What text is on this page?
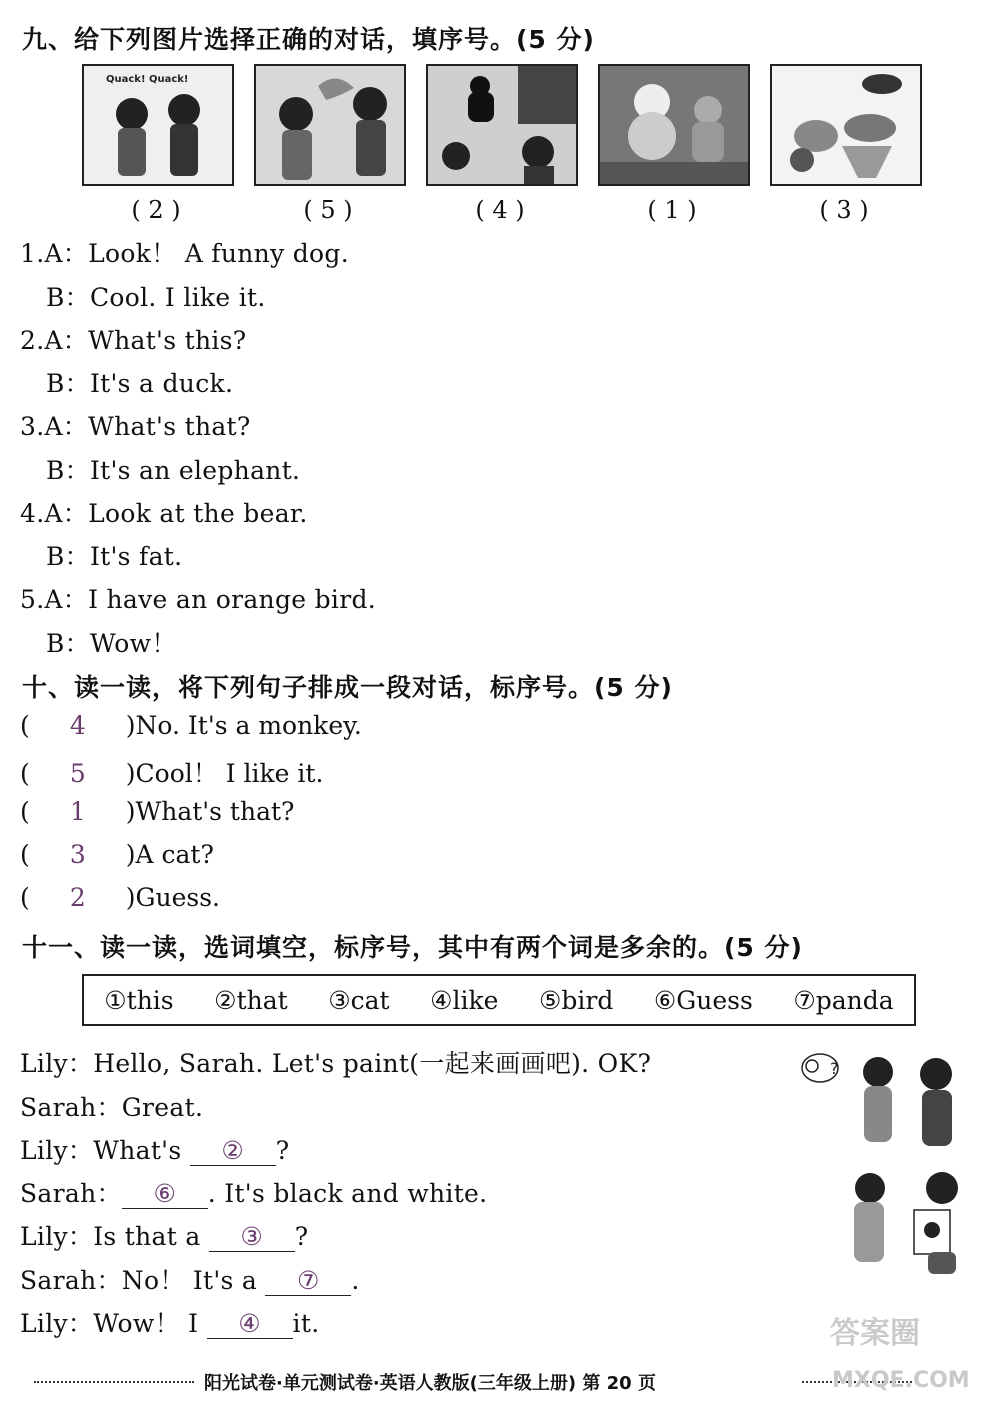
九、给下列图片选择正确的对话，填序号。(5 分)
Quack! Quack!
( 2 )	( 5 )	( 4 )	( 1 )	( 3 )
1.A：Look！ A funny dog.
B：Cool. I like it.
2.A：What's this?
B：It's a duck.
3.A：What's that?
B：It's an elephant.
4.A：Look at the bear.
B：It's fat.
5.A：I have an orange bird.
B：Wow！
十、读一读，将下列句子排成一段对话，标序号。(5 分)
( 4 )No. It's a monkey.
( 5 )Cool！ I like it.
( 1 )What's that?
( 3 )A cat?
( 2 )Guess.
十一、读一读，选词填空，标序号，其中有两个词是多余的。(5 分)
①this ②that ③cat ④like ⑤bird ⑥Guess ⑦panda
Lily：Hello, Sarah. Let's paint(一起来画画吧). OK?
Sarah：Great.
Lily：What's ② ?
Sarah： ⑥ . It's black and white.
Lily：Is that a ③ ?
Sarah：No！ It's a ⑦ .
Lily：Wow！ I ④ it.
?
阳光试卷·单元测试卷·英语人教版(三年级上册) 第 20 页
答案圈
MXQE.COM
